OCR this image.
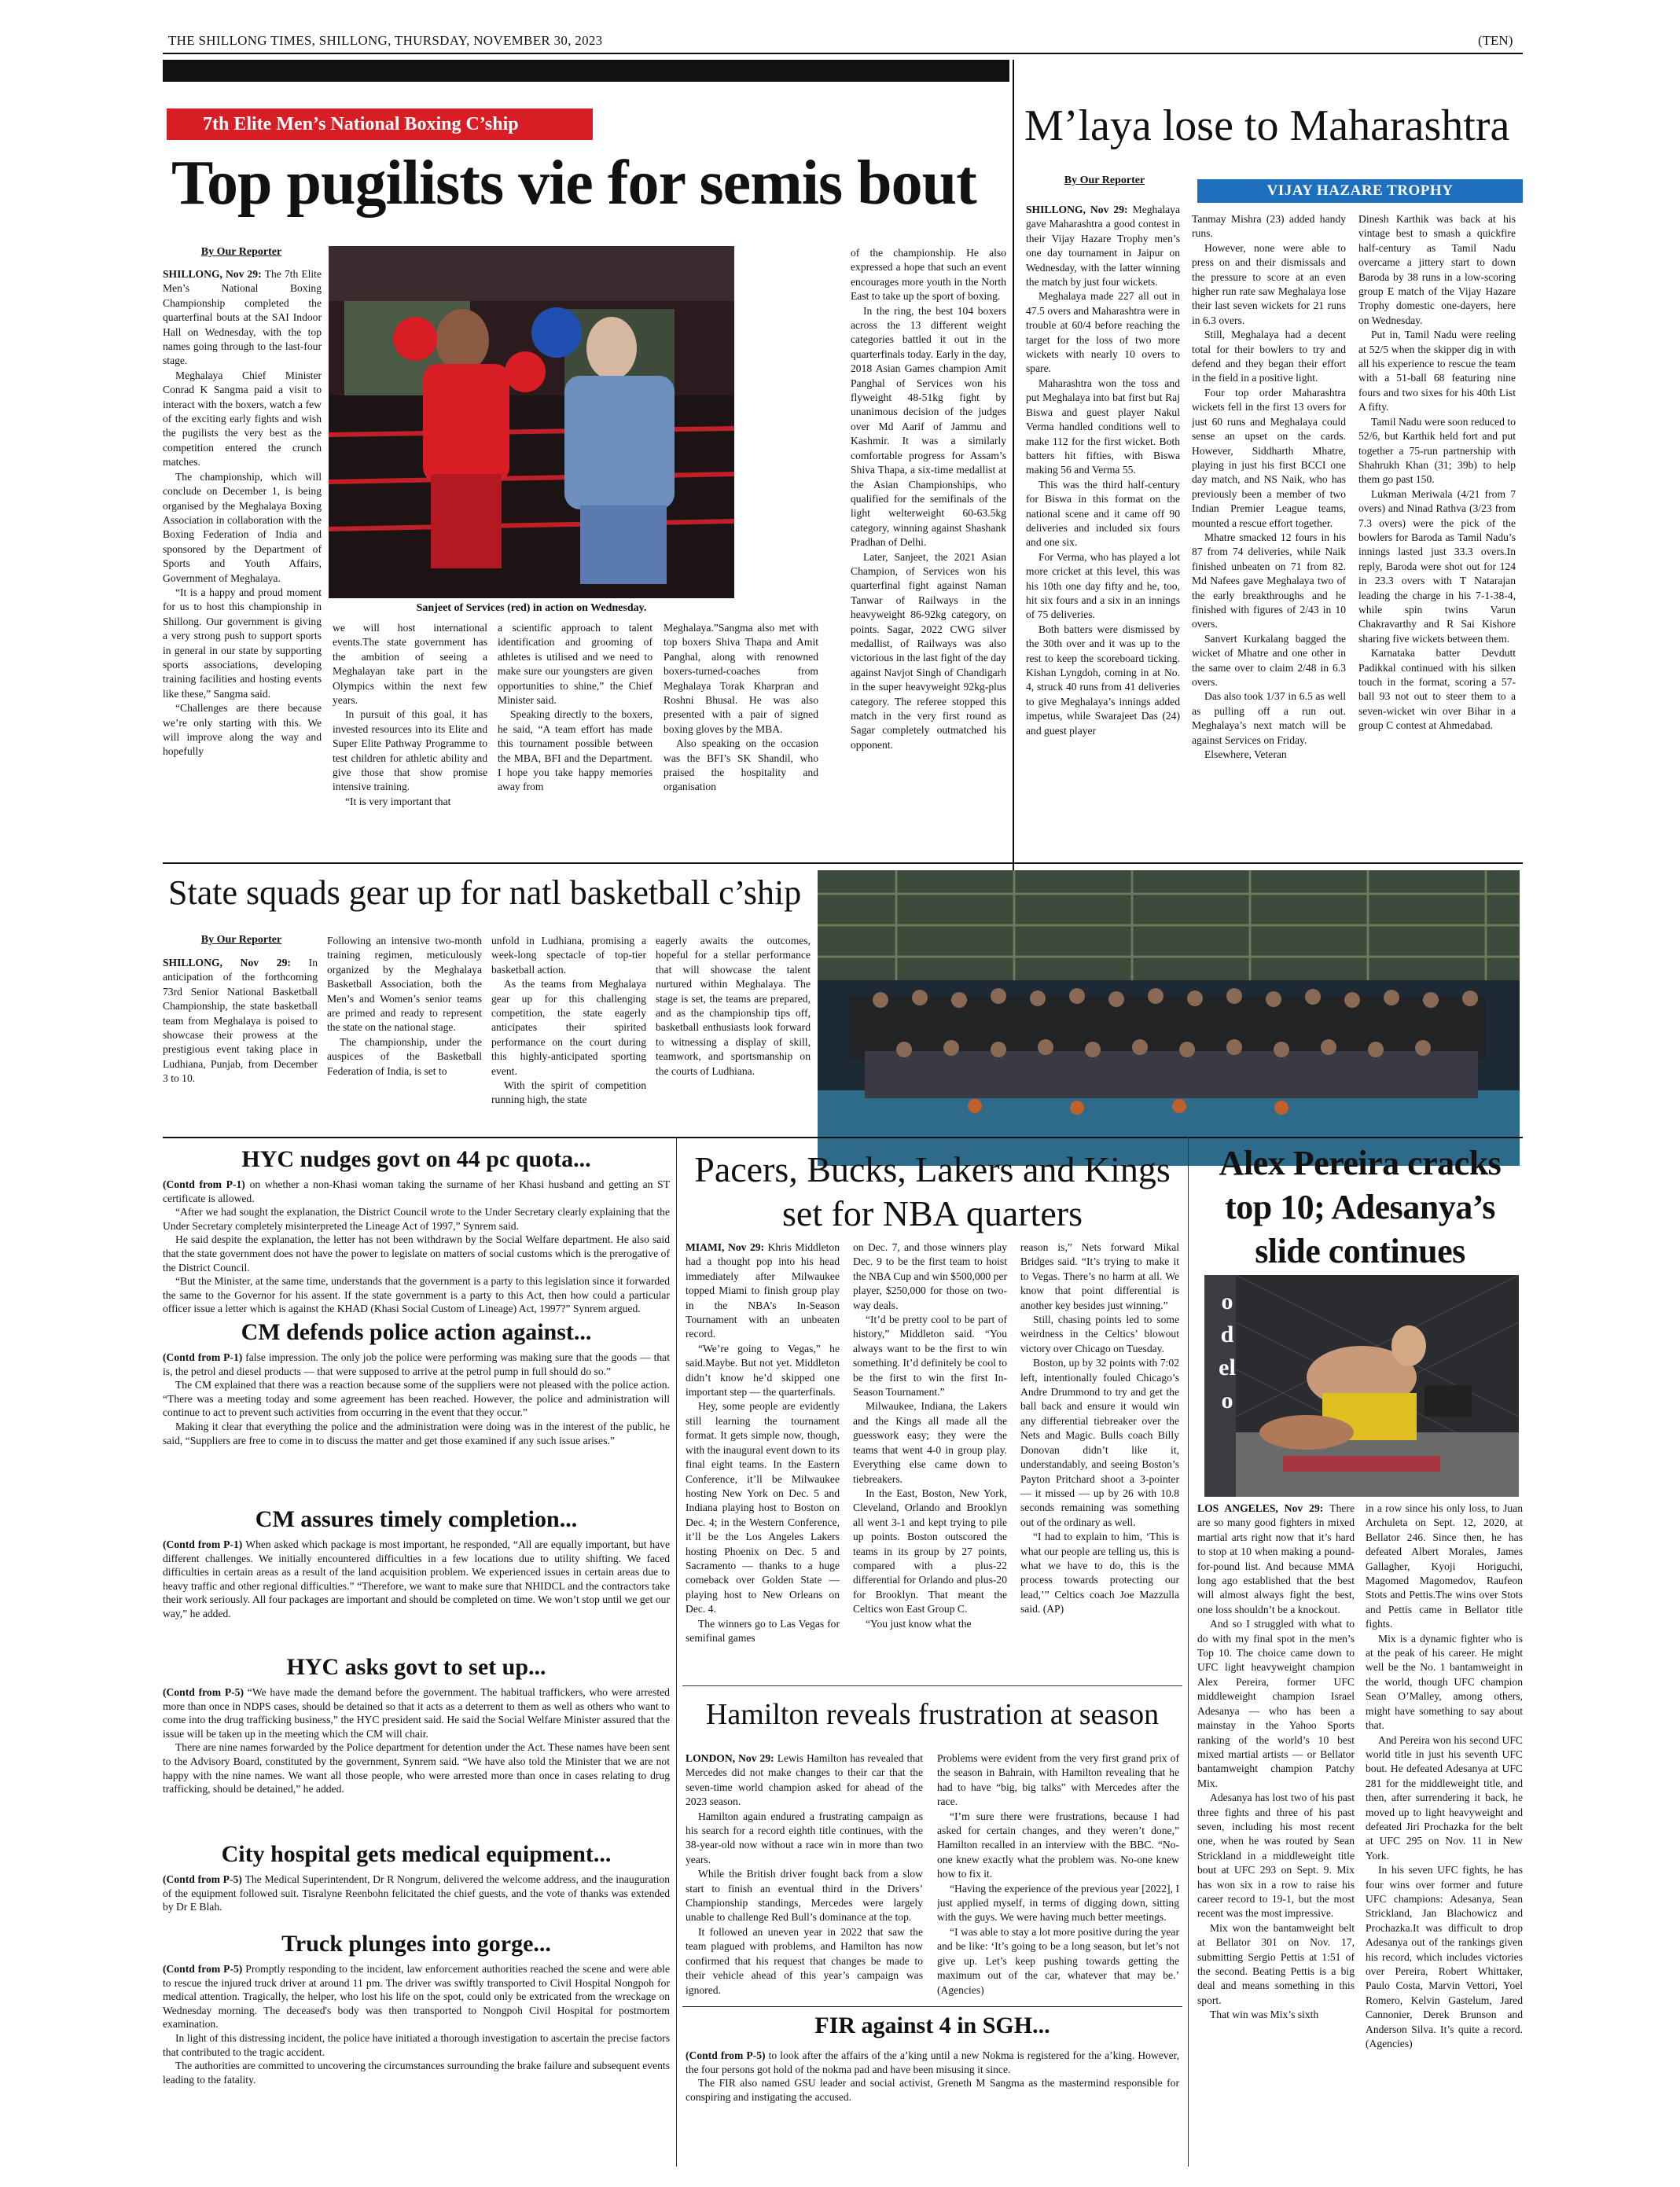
THE SHILLONG TIMES, SHILLONG, THURSDAY, NOVEMBER 30, 2023	(TEN)
7th Elite Men’s National Boxing C’ship
Top pugilists vie for semis bout
By Our Reporter
Sanjeet of Services (red) in action on Wednesday.

SHILLONG, Nov 29: The 7th Elite Men’s National Boxing Championship completed the quarterfinal bouts at the SAI Indoor Hall on Wednesday, with the top names going through to the last-four stage.

Meghalaya Chief Minister Conrad K Sangma paid a visit to interact with the boxers, watch a few of the exciting early fights and wish the pugilists the very best as the competition entered the crunch matches.

The championship, which will conclude on December 1, is being organised by the Meghalaya Boxing Association in collaboration with the Boxing Federation of India and sponsored by the Department of Sports and Youth Affairs, Government of Meghalaya.

“It is a happy and proud moment for us to host this championship in Shillong. Our government is giving a very strong push to support sports in general in our state by supporting sports associations, developing training facilities and hosting events like these,” Sangma said.

“Challenges are there because we’re only starting with this. We will improve along the way and hopefully

we will host international events.The state government has the ambition of seeing a Meghalayan take part in the Olympics within the next few years.

In pursuit of this goal, it has invested resources into its Elite and Super Elite Pathway Programme to test children for athletic ability and give those that show promise intensive training.

“It is very important that

a scientific approach to talent identification and grooming of athletes is utilised and we need to make sure our youngsters are given opportunities to shine,” the Chief Minister said.

Speaking directly to the boxers, he said, “A team effort has made this tournament possible between the MBA, BFI and the Department. I hope you take happy memories away from

Meghalaya.”Sangma also met with top boxers Shiva Thapa and Amit Panghal, along with renowned boxers-turned-coaches from Meghalaya Torak Kharpran and Roshni Bhusal. He was also presented with a pair of signed boxing gloves by the MBA.

Also speaking on the occasion was the BFI’s SK Shandil, who praised the hospitality and organisation

of the championship. He also expressed a hope that such an event encourages more youth in the North East to take up the sport of boxing.

In the ring, the best 104 boxers across the 13 different weight categories battled it out in the quarterfinals today. Early in the day, 2018 Asian Games champion Amit Panghal of Services won his flyweight 48-51kg fight by unanimous decision of the judges over Md Aarif of Jammu and Kashmir. It was a similarly comfortable progress for Assam’s Shiva Thapa, a six-time medallist at the Asian Championships, who qualified for the semifinals of the light welterweight 60-63.5kg category, winning against Shashank Pradhan of Delhi.

Later, Sanjeet, the 2021 Asian Champion, of Services won his quarterfinal fight against Naman Tanwar of Railways in the heavyweight 86-92kg category, on points. Sagar, 2022 CWG silver medallist, of Railways was also victorious in the last fight of the day against Navjot Singh of Chandigarh in the super heavyweight 92kg-plus category. The referee stopped this match in the very first round as Sagar completely outmatched his opponent.

M’laya lose to Maharashtra
By Our Reporter
VIJAY HAZARE TROPHY

SHILLONG, Nov 29: Meghalaya gave Maharashtra a good contest in their Vijay Hazare Trophy men’s one day tournament in Jaipur on Wednesday, with the latter winning the match by just four wickets.

Meghalaya made 227 all out in 47.5 overs and Maharashtra were in trouble at 60/4 before reaching the target for the loss of two more wickets with nearly 10 overs to spare.

Maharashtra won the toss and put Meghalaya into bat first but Raj Biswa and guest player Nakul Verma handled conditions well to make 112 for the first wicket. Both batters hit fifties, with Biswa making 56 and Verma 55.

This was the third half-century for Biswa in this format on the national scene and it came off 90 deliveries and included six fours and one six.

For Verma, who has played a lot more cricket at this level, this was his 10th one day fifty and he, too, hit six fours and a six in an innings of 75 deliveries.

Both batters were dismissed by the 30th over and it was up to the rest to keep the scoreboard ticking. Kishan Lyngdoh, coming in at No. 4, struck 40 runs from 41 deliveries to give Meghalaya’s innings added impetus, while Swarajeet Das (24) and guest player

Tanmay Mishra (23) added handy runs.

However, none were able to press on and their dismissals and the pressure to score at an even higher run rate saw Meghalaya lose their last seven wickets for 21 runs in 6.3 overs.

Still, Meghalaya had a decent total for their bowlers to try and defend and they began their effort in the field in a positive light.

Four top order Maharashtra wickets fell in the first 13 overs for just 60 runs and Meghalaya could sense an upset on the cards. However, Siddharth Mhatre, playing in just his first BCCI one day match, and NS Naik, who has previously been a member of two Indian Premier League teams, mounted a rescue effort together.

Mhatre smacked 12 fours in his 87 from 74 deliveries, while Naik finished unbeaten on 71 from 82. Md Nafees gave Meghalaya two of the early breakthroughs and he finished with figures of 2/43 in 10 overs.

Sanvert Kurkalang bagged the wicket of Mhatre and one other in the same over to claim 2/48 in 6.3 overs.

Das also took 1/37 in 6.5 as well as pulling off a run out. Meghalaya’s next match will be against Services on Friday.

Elsewhere, Veteran

Dinesh Karthik was back at his vintage best to smash a quickfire half-century as Tamil Nadu overcame a jittery start to down Baroda by 38 runs in a low-scoring group E match of the Vijay Hazare Trophy domestic one-dayers, here on Wednesday.

Put in, Tamil Nadu were reeling at 52/5 when the skipper dig in with all his experience to rescue the team with a 51-ball 68 featuring nine fours and two sixes for his 40th List A fifty.

Tamil Nadu were soon reduced to 52/6, but Karthik held fort and put together a 75-run partnership with Shahrukh Khan (31; 39b) to help them go past 150.

Lukman Meriwala (4/21 from 7 overs) and Ninad Rathva (3/23 from 7.3 overs) were the pick of the bowlers for Baroda as Tamil Nadu’s innings lasted just 33.3 overs.In reply, Baroda were shot out for 124 in 23.3 overs with T Natarajan leading the charge in his 7-1-38-4, while spin twins Varun Chakravarthy and R Sai Kishore sharing five wickets between them.

Karnataka batter Devdutt Padikkal continued with his silken touch in the format, scoring a 57-ball 93 not out to steer them to a seven-wicket win over Bihar in a group C contest at Ahmedabad.

State squads gear up for natl basketball c’ship
By Our Reporter

SHILLONG, Nov 29: In anticipation of the forthcoming 73rd Senior National Basketball Championship, the state basketball team from Meghalaya is poised to showcase their prowess at the prestigious event taking place in Ludhiana, Punjab, from December 3 to 10.

Following an intensive two-month training regimen, meticulously organized by the Meghalaya Basketball Association, both the Men’s and Women’s senior teams are primed and ready to represent the state on the national stage.

The championship, under the auspices of the Basketball Federation of India, is set to

unfold in Ludhiana, promising a week-long spectacle of top-tier basketball action.

As the teams from Meghalaya gear up for this challenging competition, the state eagerly anticipates their spirited performance on the court during this highly-anticipated sporting event.

With the spirit of competition running high, the state

eagerly awaits the outcomes, hopeful for a stellar performance that will showcase the talent nurtured within Meghalaya. The stage is set, the teams are prepared, and as the championship tips off, basketball enthusiasts look forward to witnessing a display of skill, teamwork, and sportsmanship on the courts of Ludhiana.

HYC nudges govt on 44 pc quota...

(Contd from P-1) on whether a non-Khasi woman taking the surname of her Khasi husband and getting an ST certificate is allowed.

“After we had sought the explanation, the District Council wrote to the Under Secretary clearly explaining that the Under Secretary completely misinterpreted the Lineage Act of 1997,” Synrem said.

He said despite the explanation, the letter has not been withdrawn by the Social Welfare department. He also said that the state government does not have the power to legislate on matters of social customs which is the prerogative of the District Council.

“But the Minister, at the same time, understands that the government is a party to this legislation since it forwarded the same to the Governor for his assent. If the state government is a party to this Act, then how could a particular officer issue a letter which is against the KHAD (Khasi Social Custom of Lineage) Act, 1997?” Synrem argued.

CM defends police action against...

(Contd from P-1) false impression. The only job the police were performing was making sure that the goods — that is, the petrol and diesel products — that were supposed to arrive at the petrol pump in full should do so.”

The CM explained that there was a reaction because some of the suppliers were not pleased with the police action. “There was a meeting today and some agreement has been reached. However, the police and administration will continue to act to prevent such activities from occurring in the event that they occur.”

Making it clear that everything the police and the administration were doing was in the interest of the public, he said, “Suppliers are free to come in to discuss the matter and get those examined if any such issue arises.”

CM assures timely completion...

(Contd from P-1) When asked which package is most important, he responded, “All are equally important, but have different challenges. We initially encountered difficulties in a few locations due to utility shifting. We faced difficulties in certain areas as a result of the land acquisition problem. We experienced issues in certain areas due to heavy traffic and other regional difficulties.” “Therefore, we want to make sure that NHIDCL and the contractors take their work seriously. All four packages are important and should be completed on time. We won’t stop until we get our way,” he added.

HYC asks govt to set up...

(Contd from P-5) “We have made the demand before the government. The habitual traffickers, who were arrested more than once in NDPS cases, should be detained so that it acts as a deterrent to them as well as others who want to come into the drug trafficking business,” the HYC president said. He said the Social Welfare Minister assured that the issue will be taken up in the meeting which the CM will chair.

There are nine names forwarded by the Police department for detention under the Act. These names have been sent to the Advisory Board, constituted by the government, Synrem said. “We have also told the Minister that we are not happy with the nine names. We want all those people, who were arrested more than once in cases relating to drug trafficking, should be detained,” he added.

City hospital gets medical equipment...

(Contd from P-5) The Medical Superintendent, Dr R Nongrum, delivered the welcome address, and the inauguration of the equipment followed suit. Tisralyne Reenbohn felicitated the chief guests, and the vote of thanks was extended by Dr E Blah.

Truck plunges into gorge...

(Contd from P-5) Promptly responding to the incident, law enforcement authorities reached the scene and were able to rescue the injured truck driver at around 11 pm. The driver was swiftly transported to Civil Hospital Nongpoh for medical attention. Tragically, the helper, who lost his life on the spot, could only be extricated from the wreckage on Wednesday morning. The deceased's body was then transported to Nongpoh Civil Hospital for postmortem examination.

In light of this distressing incident, the police have initiated a thorough investigation to ascertain the precise factors that contributed to the tragic accident.

The authorities are committed to uncovering the circumstances surrounding the brake failure and subsequent events leading to the fatality.

Pacers, Bucks, Lakers and Kings set for NBA quarters

MIAMI, Nov 29: Khris Middleton had a thought pop into his head immediately after Milwaukee topped Miami to finish group play in the NBA’s In-Season Tournament with an unbeaten record.

“We’re going to Vegas,” he said.Maybe. But not yet. Middleton didn’t know he’d skipped one important step — the quarterfinals.

Hey, some people are evidently still learning the tournament format. It gets simple now, though, with the inaugural event down to its final eight teams. In the Eastern Conference, it’ll be Milwaukee hosting New York on Dec. 5 and Indiana playing host to Boston on Dec. 4; in the Western Conference, it’ll be the Los Angeles Lakers hosting Phoenix on Dec. 5 and Sacramento — thanks to a huge comeback over Golden State — playing host to New Orleans on Dec. 4.

The winners go to Las Vegas for semifinal games

on Dec. 7, and those winners play Dec. 9 to be the first team to hoist the NBA Cup and win $500,000 per player, $250,000 for those on two-way deals.

“It’d be pretty cool to be part of history,” Middleton said. “You always want to be the first to win something. It’d definitely be cool to be the first to win the first In-Season Tournament.”

Milwaukee, Indiana, the Lakers and the Kings all made all the guesswork easy; they were the teams that went 4-0 in group play. Everything else came down to tiebreakers.

In the East, Boston, New York, Cleveland, Orlando and Brooklyn all went 3-1 and kept trying to pile up points. Boston outscored the teams in its group by 27 points, compared with a plus-22 differential for Orlando and plus-20 for Brooklyn. That meant the Celtics won East Group C.

“You just know what the

reason is,” Nets forward Mikal Bridges said. “It’s trying to make it to Vegas. There’s no harm at all. We know that point differential is another key besides just winning.”

Still, chasing points led to some weirdness in the Celtics’ blowout victory over Chicago on Tuesday.

Boston, up by 32 points with 7:02 left, intentionally fouled Chicago’s Andre Drummond to try and get the ball back and ensure it would win any differential tiebreaker over the Nets and Magic. Bulls coach Billy Donovan didn’t like it, understandably, and seeing Boston’s Payton Pritchard shoot a 3-pointer — it missed — up by 26 with 10.8 seconds remaining was something out of the ordinary as well.

“I had to explain to him, ‘This is what our people are telling us, this is what we have to do, this is the process towards protecting our lead,’” Celtics coach Joe Mazzulla said. (AP)

Hamilton reveals frustration at season

LONDON, Nov 29: Lewis Hamilton has revealed that Mercedes did not make changes to their car that the seven-time world champion asked for ahead of the 2023 season.

Hamilton again endured a frustrating campaign as his search for a record eighth title continues, with the 38-year-old now without a race win in more than two years.

While the British driver fought back from a slow start to finish an eventual third in the Drivers’ Championship standings, Mercedes were largely unable to challenge Red Bull’s dominance at the top.

It followed an uneven year in 2022 that saw the team plagued with problems, and Hamilton has now confirmed that his request that changes be made to their vehicle ahead of this year’s campaign was ignored.

Problems were evident from the very first grand prix of the season in Bahrain, with Hamilton revealing that he had to have “big, big talks” with Mercedes after the race.

“I’m sure there were frustrations, because I had asked for certain changes, and they weren’t done,” Hamilton recalled in an interview with the BBC. “No-one knew exactly what the problem was. No-one knew how to fix it.

“Having the experience of the previous year [2022], I just applied myself, in terms of digging down, sitting with the guys. We were having much better meetings.

“I was able to stay a lot more positive during the year and be like: ‘It’s going to be a long season, but let’s not give up. Let’s keep pushing towards getting the maximum out of the car, whatever that may be.’ (Agencies)

FIR against 4 in SGH...

(Contd from P-5) to look after the affairs of the a’king until a new Nokma is registered for the a’king. However, the four persons got hold of the nokma pad and have been misusing it since.

The FIR also named GSU leader and social activist, Greneth M Sangma as the mastermind responsible for conspiring and instigating the accused.

Alex Pereira cracks top 10; Adesanya’s slide continues
odelo

LOS ANGELES, Nov 29: There are so many good fighters in mixed martial arts right now that it’s hard to stop at 10 when making a pound-for-pound list. And because MMA long ago established that the best will almost always fight the best, one loss shouldn’t be a knockout.

And so I struggled with what to do with my final spot in the men’s Top 10. The choice came down to UFC light heavyweight champion Alex Pereira, former UFC middleweight champion Israel Adesanya — who has been a mainstay in the Yahoo Sports ranking of the world’s 10 best mixed martial artists — or Bellator bantamweight champion Patchy Mix.

Adesanya has lost two of his past three fights and three of his past seven, including his most recent one, when he was routed by Sean Strickland in a middleweight title bout at UFC 293 on Sept. 9. Mix has won six in a row to raise his career record to 19-1, but the most recent was the most impressive.

Mix won the bantamweight belt at Bellator 301 on Nov. 17, submitting Sergio Pettis at 1:51 of the second. Beating Pettis is a big deal and means something in this sport.

That win was Mix’s sixth

in a row since his only loss, to Juan Archuleta on Sept. 12, 2020, at Bellator 246. Since then, he has defeated Albert Morales, James Gallagher, Kyoji Horiguchi, Magomed Magomedov, Raufeon Stots and Pettis.The wins over Stots and Pettis came in Bellator title fights.

Mix is a dynamic fighter who is at the peak of his career. He might well be the No. 1 bantamweight in the world, though UFC champion Sean O’Malley, among others, might have something to say about that.

And Pereira won his second UFC world title in just his seventh UFC bout. He defeated Adesanya at UFC 281 for the middleweight title, and then, after surrendering it back, he moved up to light heavyweight and defeated Jiri Prochazka for the belt at UFC 295 on Nov. 11 in New York.

In his seven UFC fights, he has four wins over former and future UFC champions: Adesanya, Sean Strickland, Jan Blachowicz and Prochazka.It was difficult to drop Adesanya out of the rankings given his record, which includes victories over Pereira, Robert Whittaker, Paulo Costa, Marvin Vettori, Yoel Romero, Kelvin Gastelum, Jared Cannonier, Derek Brunson and Anderson Silva. It’s quite a record. (Agencies)
